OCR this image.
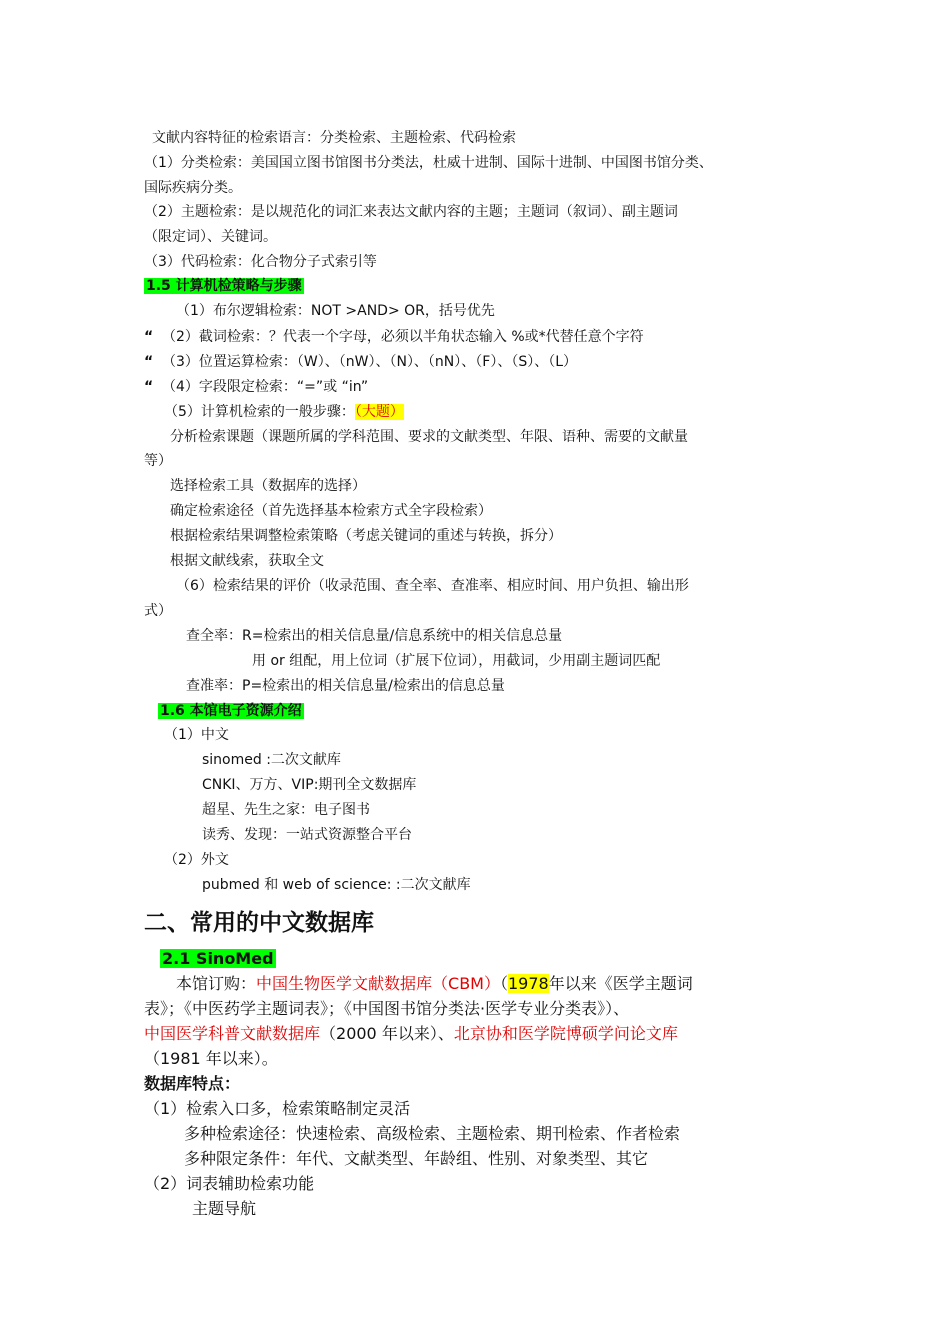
文献内容特征的检索语言：分类检索、主题检索、代码检索
（1）分类检索：美国国立图书馆图书分类法，杜威十进制、国际十进制、中国图书馆分类、
国际疾病分类。
（2）主题检索：是以规范化的词汇来表达文献内容的主题；主题词（叙词）、副主题词
（限定词）、关键词。
（3）代码检索：化合物分子式索引等
1.5 计算机检策略与步骤
（1）布尔逻辑检索：NOT >AND> OR，括号优先
“ （2）截词检索：？代表一个字母，必须以半角状态输入 %或*代替任意个字符
“ （3）位置运算检索：（W）、（nW）、（N）、（nN）、（F）、（S）、（L）
“ （4）字段限定检索：“=”或 “in”
（5）计算机检索的一般步骤：（大题）
分析检索课题（课题所属的学科范围、要求的文献类型、年限、语种、需要的文献量
等）
选择检索工具（数据库的选择）
确定检索途径（首先选择基本检索方式全字段检索）
根据检索结果调整检索策略（考虑关键词的重述与转换，拆分）
根据文献线索，获取全文
（6）检索结果的评价（收录范围、查全率、查准率、相应时间、用户负担、输出形
式）
查全率：R=检索出的相关信息量/信息系统中的相关信息总量
用 or 组配，用上位词（扩展下位词），用截词，少用副主题词匹配
查准率：P=检索出的相关信息量/检索出的信息总量
1.6 本馆电子资源介绍
（1）中文
sinomed :二次文献库
CNKI、万方、VIP:期刊全文数据库
超星、先生之家：电子图书
读秀、发现：一站式资源整合平台
（2）外文
pubmed 和 web of science: :二次文献库
二、常用的中文数据库
2.1 SinoMed
本馆订购：中国生物医学文献数据库（CBM）（1978年以来《医学主题词
表》；《中医药学主题词表》；《中国图书馆分类法·医学专业分类表》）、
中国医学科普文献数据库（2000 年以来）、北京协和医学院博硕学问论文库
（1981 年以来）。
数据库特点：
（1）检索入口多，检索策略制定灵活
多种检索途径：快速检索、高级检索、主题检索、期刊检索、作者检索
多种限定条件：年代、文献类型、年龄组、性别、对象类型、其它
（2）词表辅助检索功能
主题导航
